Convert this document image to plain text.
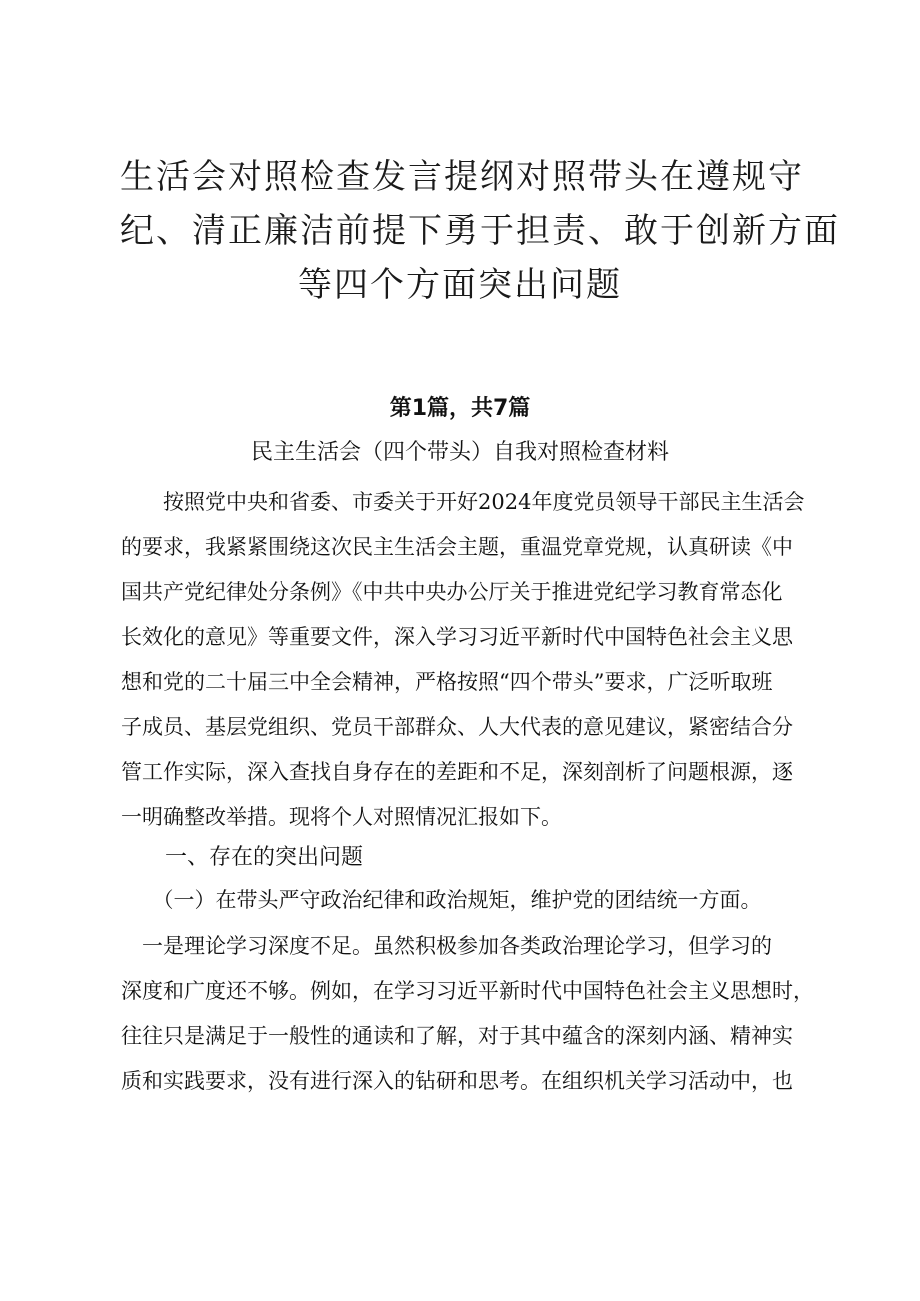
生活会对照检查发言提纲对照带头在遵规守
纪、清正廉洁前提下勇于担责、敢于创新方面
等四个方面突出问题

第1篇，共7篇

民主生活会（四个带头）自我对照检查材料

　　按照党中央和省委、市委关于开好2024年度党员领导干部民主生活会
的要求，我紧紧围绕这次民主生活会主题，重温党章党规，认真研读《中
国共产党纪律处分条例》《中共中央办公厅关于推进党纪学习教育常态化
长效化的意见》等重要文件，深入学习习近平新时代中国特色社会主义思
想和党的二十届三中全会精神，严格按照“四个带头”要求，广泛听取班
子成员、基层党组织、党员干部群众、人大代表的意见建议，紧密结合分
管工作实际，深入查找自身存在的差距和不足，深刻剖析了问题根源，逐
一明确整改举措。现将个人对照情况汇报如下。

一、存在的突出问题

　　（一）在带头严守政治纪律和政治规矩，维护党的团结统一方面。

　一是理论学习深度不足。虽然积极参加各类政治理论学习，但学习的
深度和广度还不够。例如，在学习习近平新时代中国特色社会主义思想时，
往往只是满足于一般性的通读和了解，对于其中蕴含的深刻内涵、精神实
质和实践要求，没有进行深入的钻研和思考。在组织机关学习活动中，也
